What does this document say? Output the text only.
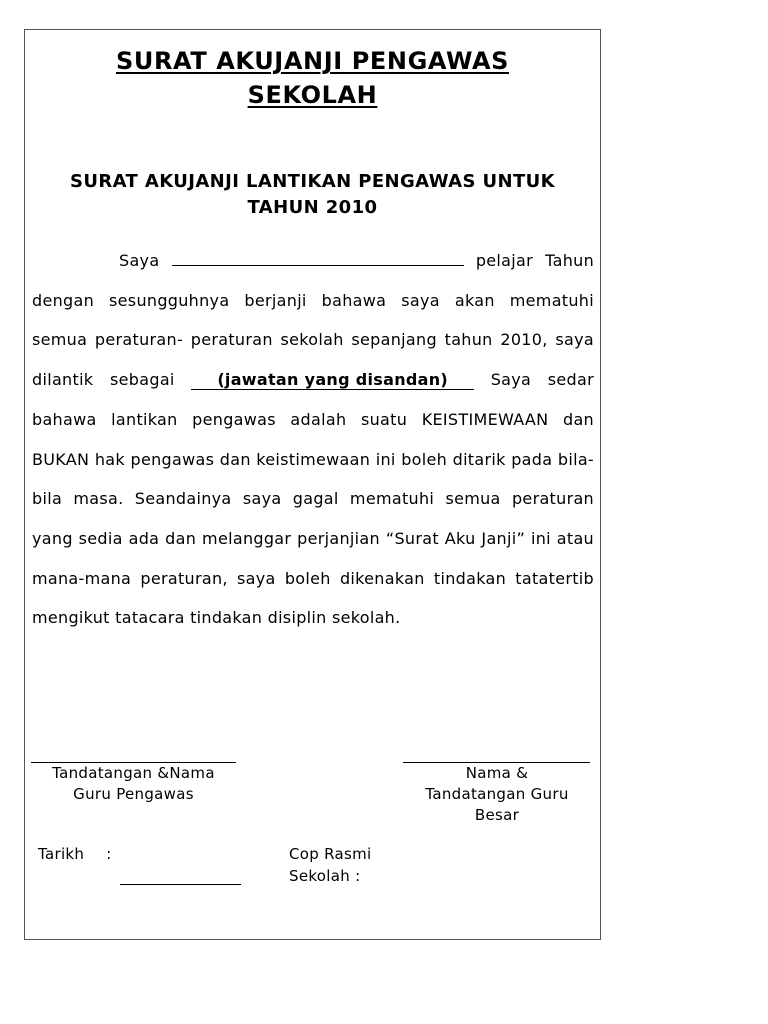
SURAT AKUJANJI PENGAWAS
SEKOLAH
SURAT AKUJANJI LANTIKAN PENGAWAS UNTUK
TAHUN 2010
Saya	pelajar Tahun
dengan sesungguhnya berjanji bahawa saya akan mematuhi semua peraturan- peraturan sekolah sepanjang tahun 2010, saya dilantik sebagai	(jawatan yang disandan)	Saya sedar bahawa lantikan pengawas adalah suatu KEISTIMEWAAN dan BUKAN hak pengawas dan keistimewaan ini boleh ditarik pada bila-bila masa. Seandainya saya gagal mematuhi semua peraturan yang sedia ada dan melanggar perjanjian “Surat Aku Janji” ini atau mana-mana peraturan, saya boleh dikenakan tindakan tatatertib mengikut tatacara tindakan disiplin sekolah.
Tandatangan &Nama
Guru Pengawas
Nama &
Tandatangan Guru
Besar
Tarikh :	Cop Rasmi
Sekolah :
